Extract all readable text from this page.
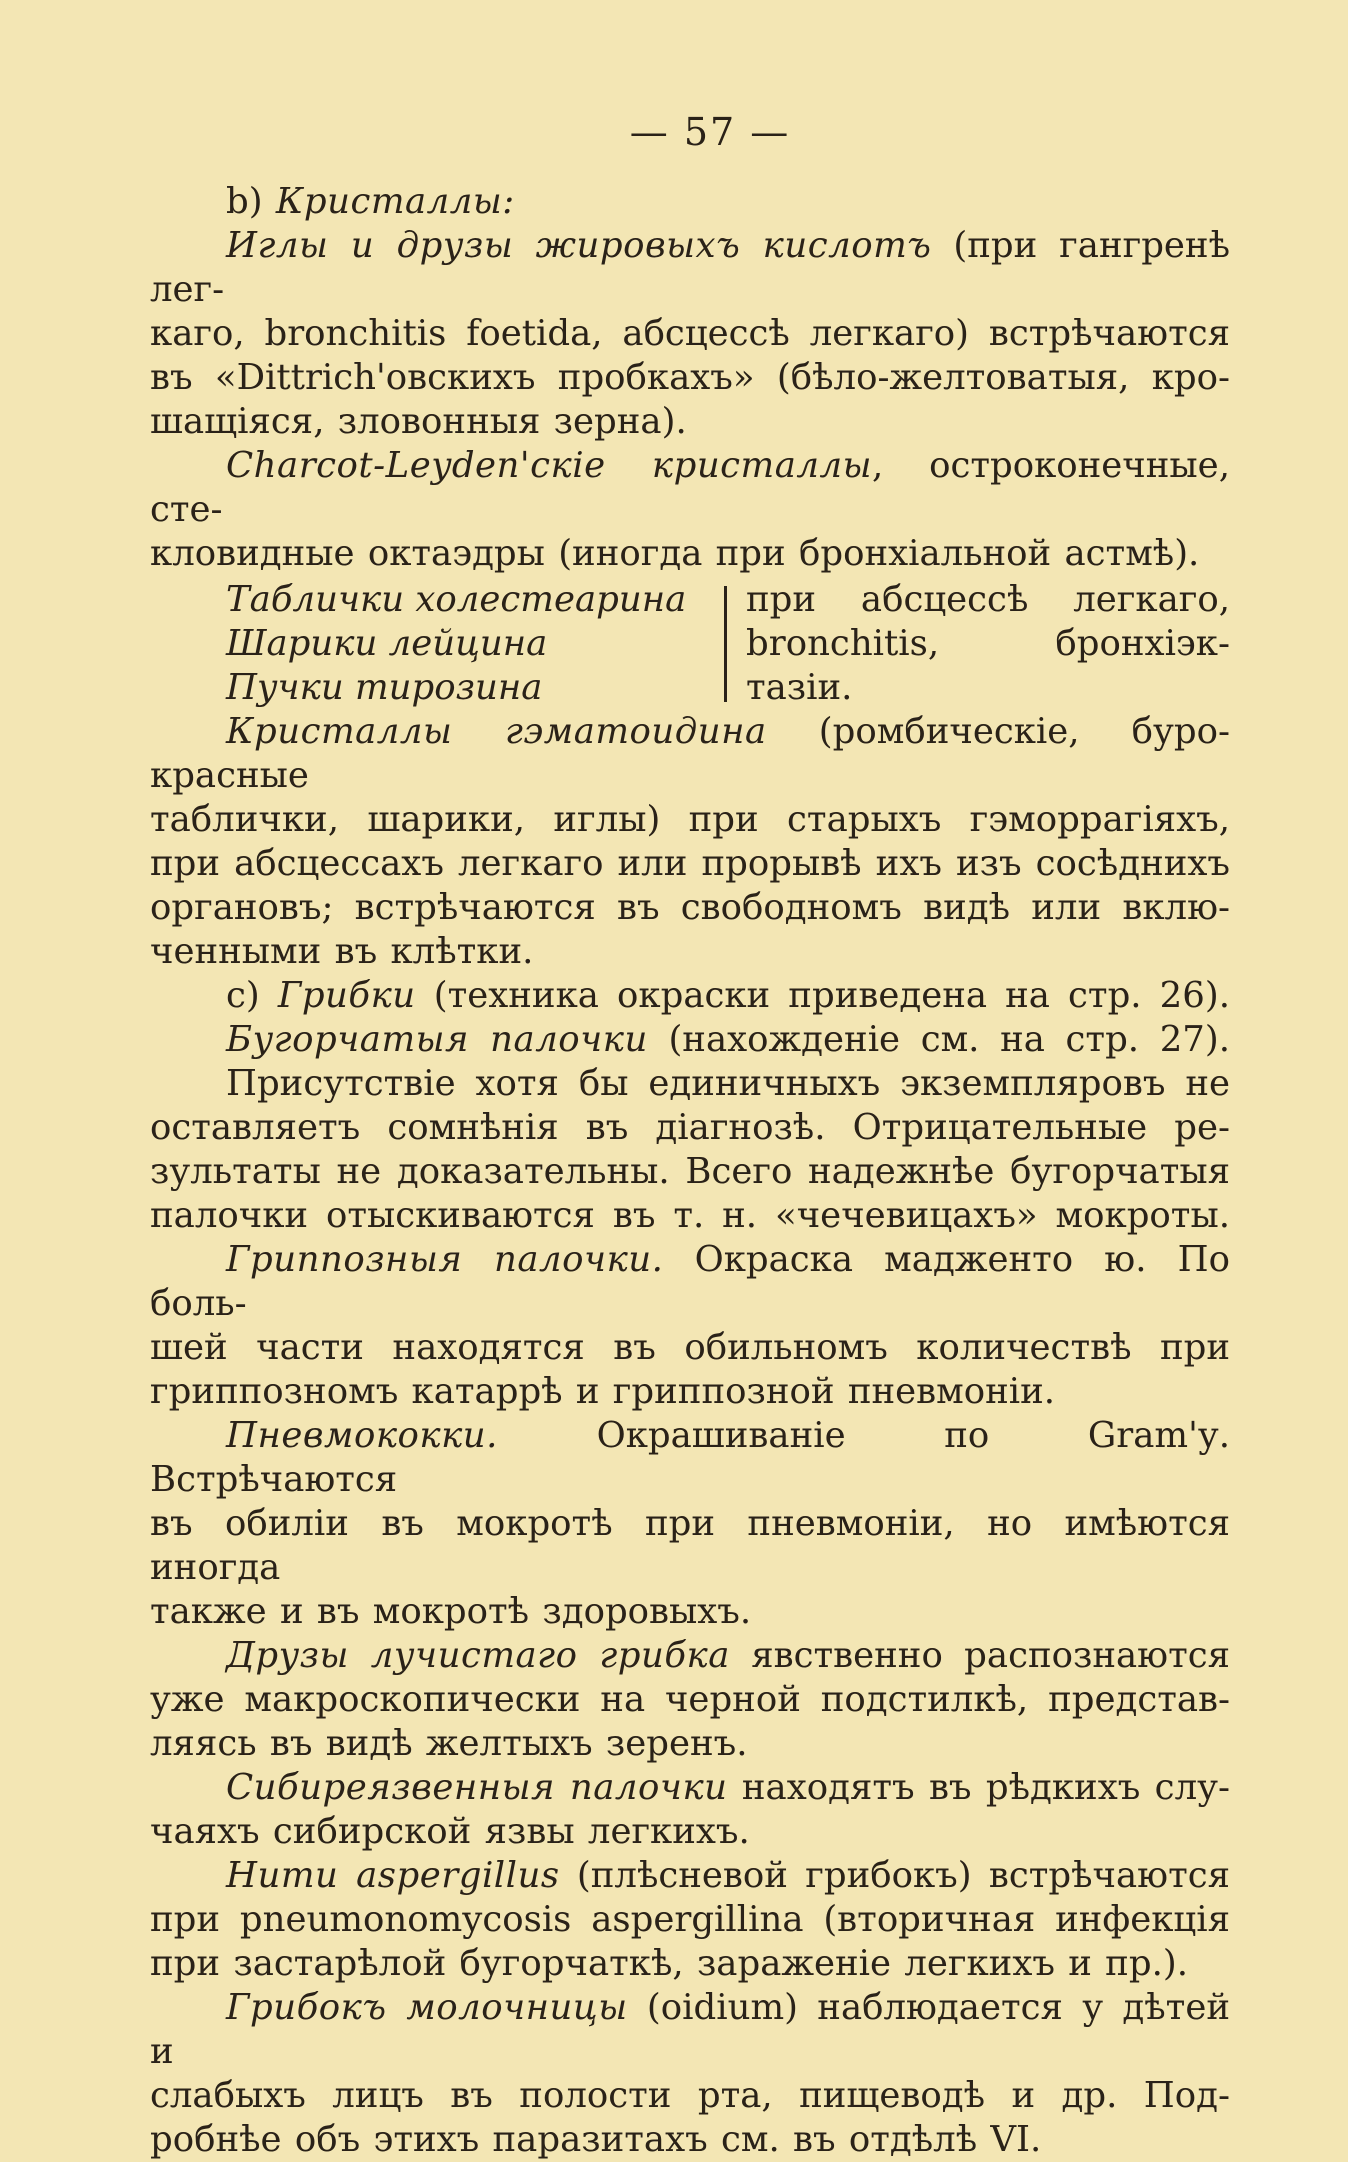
— 57 —

b) Кристаллы:

Иглы и друзы жировыхъ кислотъ (при гангренѣ лег-

каго, bronchitis foetida, абсцессѣ легкаго) встрѣчаются

въ «Dittrich'овскихъ пробкахъ» (бѣло-желтоватыя, кро-

шащіяся, зловонныя зерна).

Charcot-Leyden'скіе кристаллы, остроконечные, сте-

кловидные октаэдры (иногда при бронхіальной астмѣ).

Таблички холестеарина
Шарики лейцина
Пучки тирозина
при абсцессѣ легкаго,
bronchitis, бронхіэк-
тазіи.

Кристаллы гэматоидина (ромбическіе, буро-красные

таблички, шарики, иглы) при старыхъ гэморрагіяхъ,

при абсцессахъ легкаго или прорывѣ ихъ изъ сосѣднихъ

органовъ; встрѣчаются въ свободномъ видѣ или вклю-

ченными въ клѣтки.

c) Грибки (техника окраски приведена на стр. 26).

Бугорчатыя палочки (нахожденіе см. на стр. 27).

Присутствіе хотя бы единичныхъ экземпляровъ не

оставляетъ сомнѣнія въ діагнозѣ. Отрицательные ре-

зультаты не доказательны. Всего надежнѣе бугорчатыя

палочки отыскиваются въ т. н. «чечевицахъ» мокроты.

Гриппозныя палочки. Окраска мадженто ю. По боль-

шей части находятся въ обильномъ количествѣ при

гриппозномъ катаррѣ и гриппозной пневмоніи.

Пневмококки. Окрашиваніе по Gram'у. Встрѣчаются

въ обиліи въ мокротѣ при пневмоніи, но имѣются иногда

также и въ мокротѣ здоровыхъ.

Друзы лучистаго грибка явственно распознаются

уже макроскопически на черной подстилкѣ, представ-

ляясь въ видѣ желтыхъ зеренъ.

Сибиреязвенныя палочки находятъ въ рѣдкихъ слу-

чаяхъ сибирской язвы легкихъ.

Нити aspergillus (плѣсневой грибокъ) встрѣчаются

при pneumonomycosis aspergillina (вторичная инфекція

при застарѣлой бугорчаткѣ, зараженіе легкихъ и пр.).

Грибокъ молочницы (oidium) наблюдается у дѣтей и

слабыхъ лицъ въ полости рта, пищеводѣ и др. Под-

робнѣе объ этихъ паразитахъ см. въ отдѣлѣ VI.
